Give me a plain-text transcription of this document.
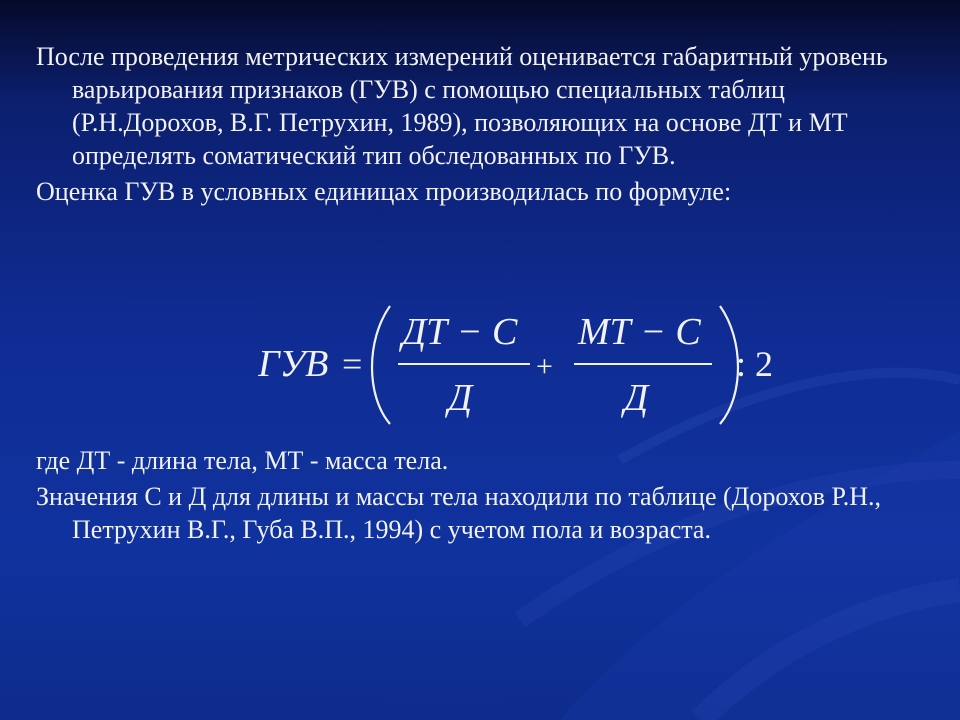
После проведения метрических измерений оценивается габаритный уровень варьирования признаков (ГУВ) с помощью специальных таблиц (Р.Н.Дорохов, В.Г. Петрухин, 1989), позволяющих на основе ДТ и МТ определять соматический тип обследованных по ГУВ.

Оценка ГУВ в условных единицах производилась по формуле:

ГУВ =
ДТ − С
Д
+
МТ − С
Д
: 2

где ДТ - длина тела, МТ - масса тела.

Значения С и Д для длины и массы тела находили по таблице (Дорохов Р.Н., Петрухин В.Г., Губа В.П., 1994) с учетом пола и возраста.
